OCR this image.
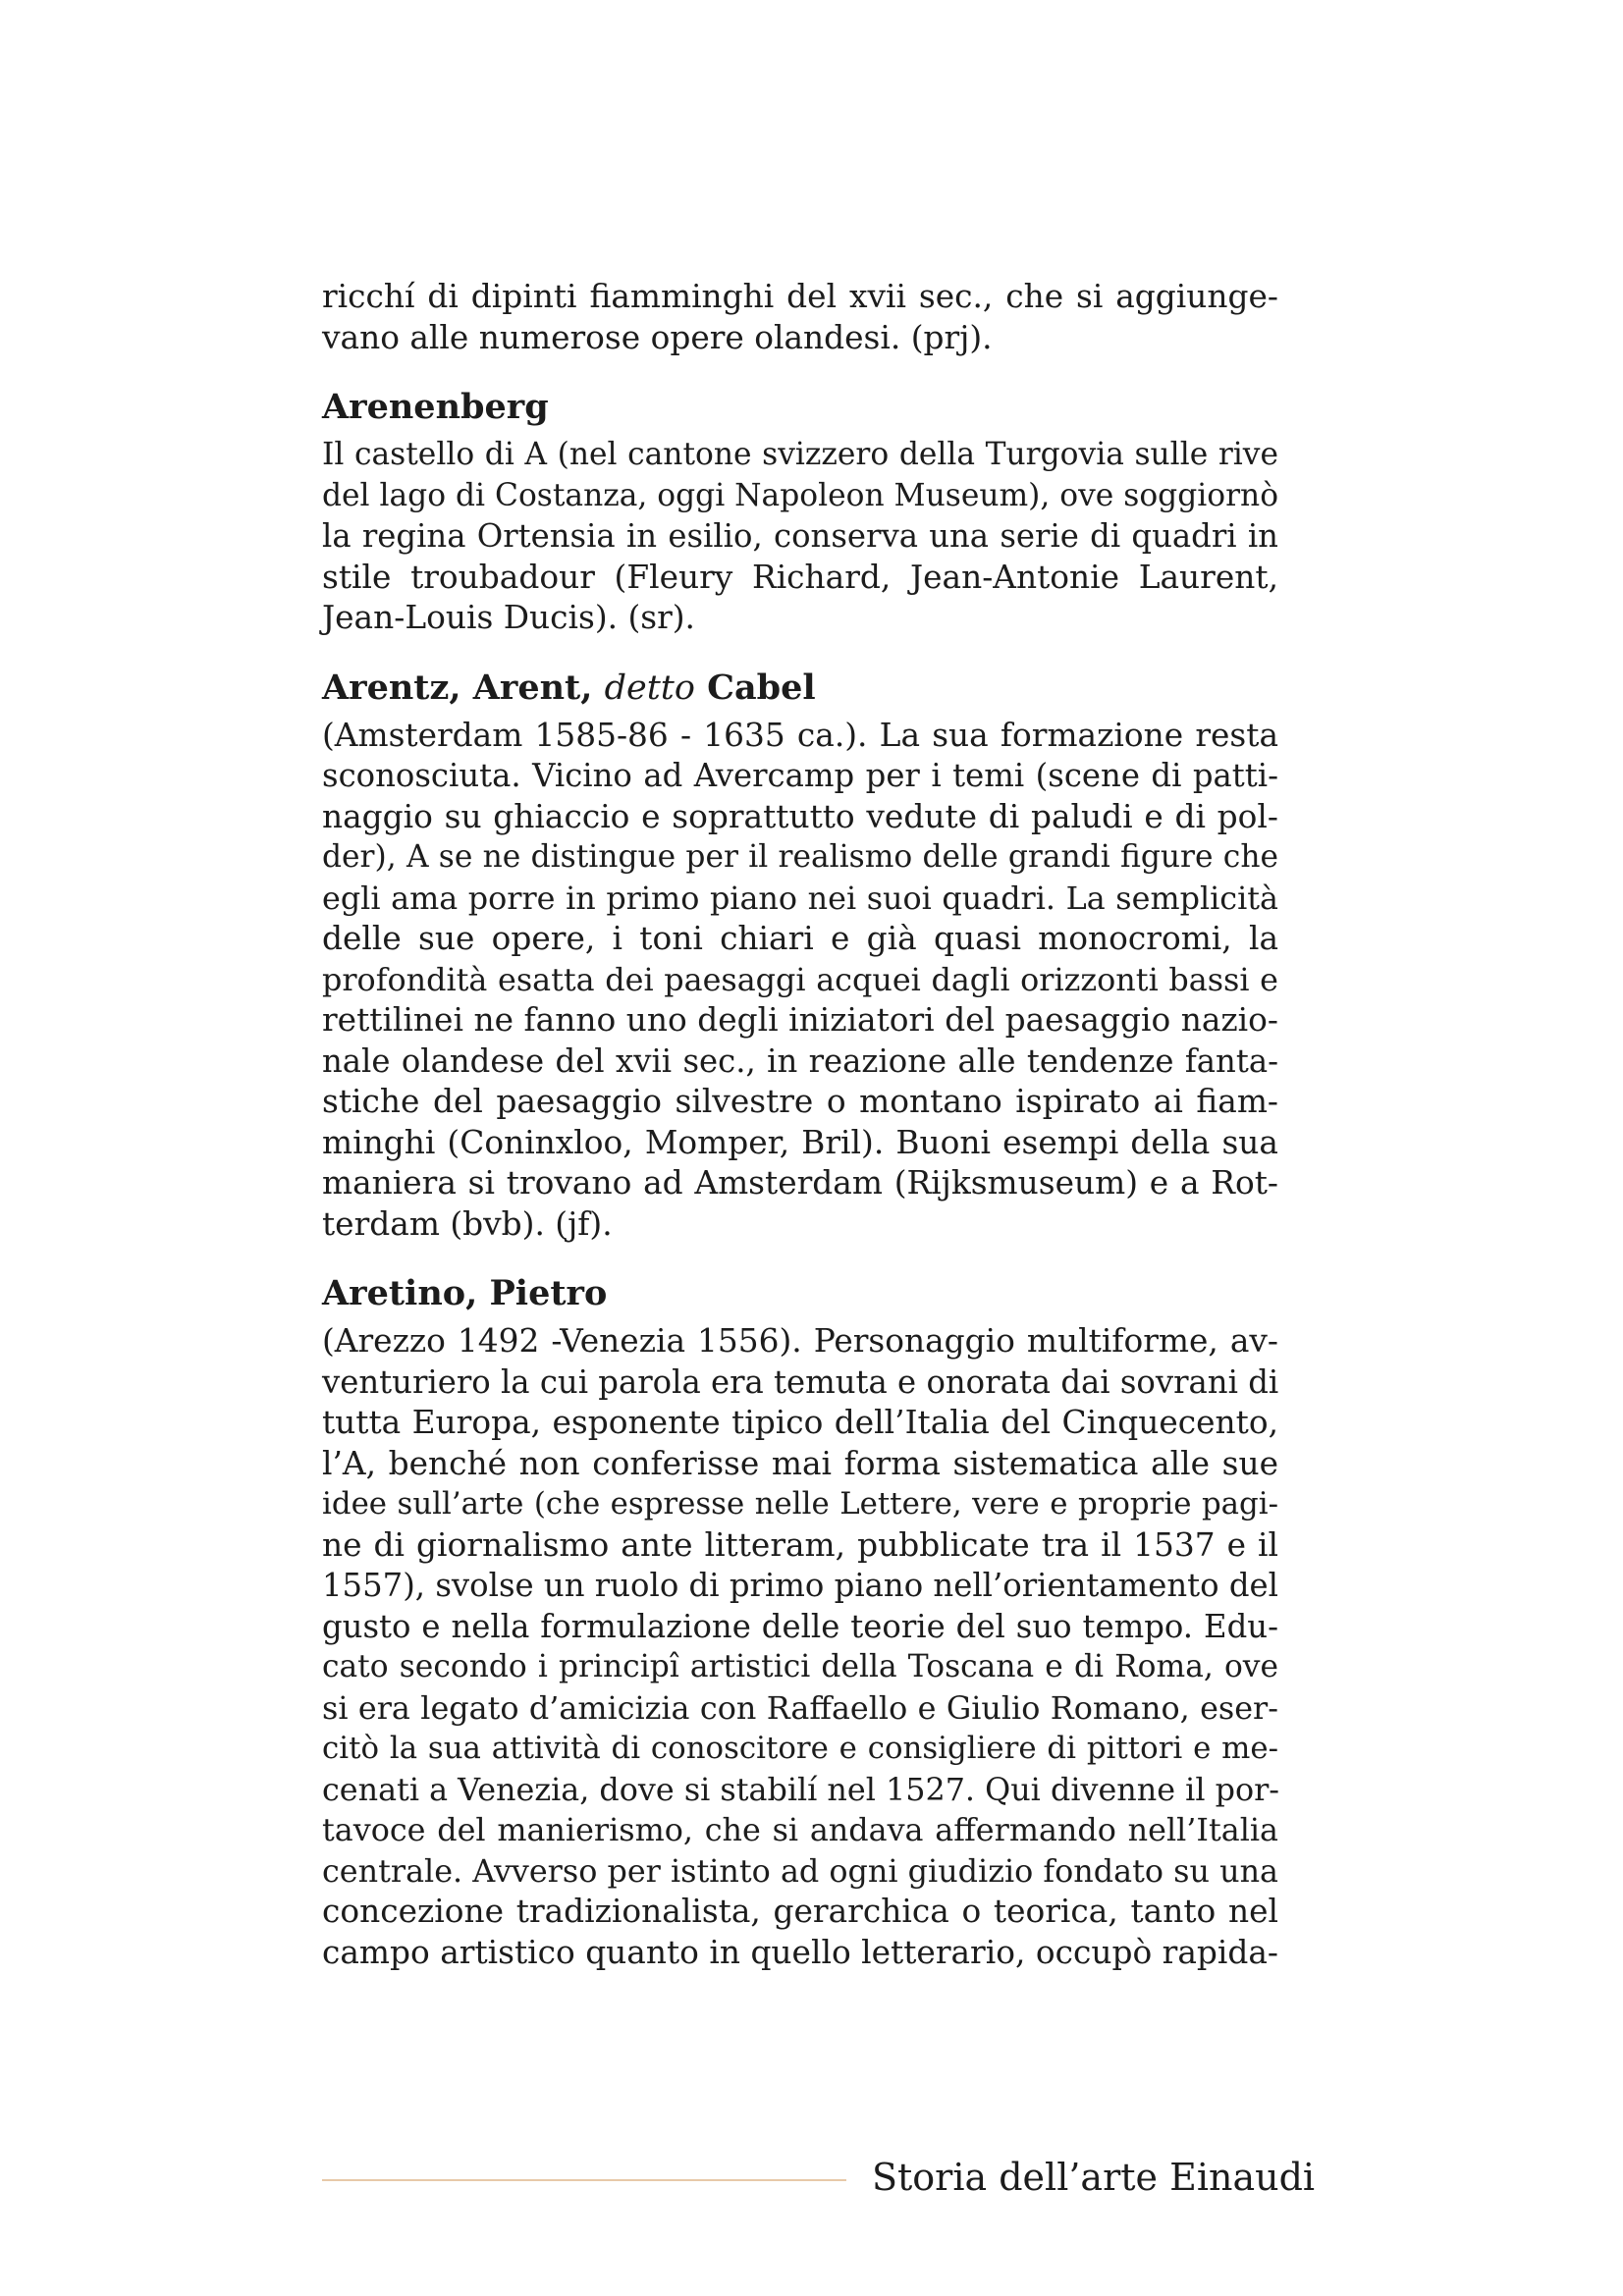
ricchí di dipinti fiamminghi del xvii sec., che si aggiunge-
vano alle numerose opere olandesi. (prj).
Arenenberg
Il castello di A (nel cantone svizzero della Turgovia sulle rive
del lago di Costanza, oggi Napoleon Museum), ove soggiornò
la regina Ortensia in esilio, conserva una serie di quadri in
stile troubadour (Fleury Richard, Jean-Antonie Laurent,
Jean-Louis Ducis). (sr).
Arentz, Arent, detto Cabel
(Amsterdam 1585-86 - 1635 ca.). La sua formazione resta
sconosciuta. Vicino ad Avercamp per i temi (scene di patti-
naggio su ghiaccio e soprattutto vedute di paludi e di pol-
der), A se ne distingue per il realismo delle grandi figure che
egli ama porre in primo piano nei suoi quadri. La semplicità
delle sue opere, i toni chiari e già quasi monocromi, la
profondità esatta dei paesaggi acquei dagli orizzonti bassi e
rettilinei ne fanno uno degli iniziatori del paesaggio nazio-
nale olandese del xvii sec., in reazione alle tendenze fanta-
stiche del paesaggio silvestre o montano ispirato ai fiam-
minghi (Coninxloo, Momper, Bril). Buoni esempi della sua
maniera si trovano ad Amsterdam (Rijksmuseum) e a Rot-
terdam (bvb). (jf).
Aretino, Pietro
(Arezzo 1492 -Venezia 1556). Personaggio multiforme, av-
venturiero la cui parola era temuta e onorata dai sovrani di
tutta Europa, esponente tipico dell’Italia del Cinquecento,
l’A, benché non conferisse mai forma sistematica alle sue
idee sull’arte (che espresse nelle Lettere, vere e proprie pagi-
ne di giornalismo ante litteram, pubblicate tra il 1537 e il
1557), svolse un ruolo di primo piano nell’orientamento del
gusto e nella formulazione delle teorie del suo tempo. Edu-
cato secondo i principî artistici della Toscana e di Roma, ove
si era legato d’amicizia con Raffaello e Giulio Romano, eser-
citò la sua attività di conoscitore e consigliere di pittori e me-
cenati a Venezia, dove si stabilí nel 1527. Qui divenne il por-
tavoce del manierismo, che si andava affermando nell’Italia
centrale. Avverso per istinto ad ogni giudizio fondato su una
concezione tradizionalista, gerarchica o teorica, tanto nel
campo artistico quanto in quello letterario, occupò rapida-
Storia dell’arte Einaudi
